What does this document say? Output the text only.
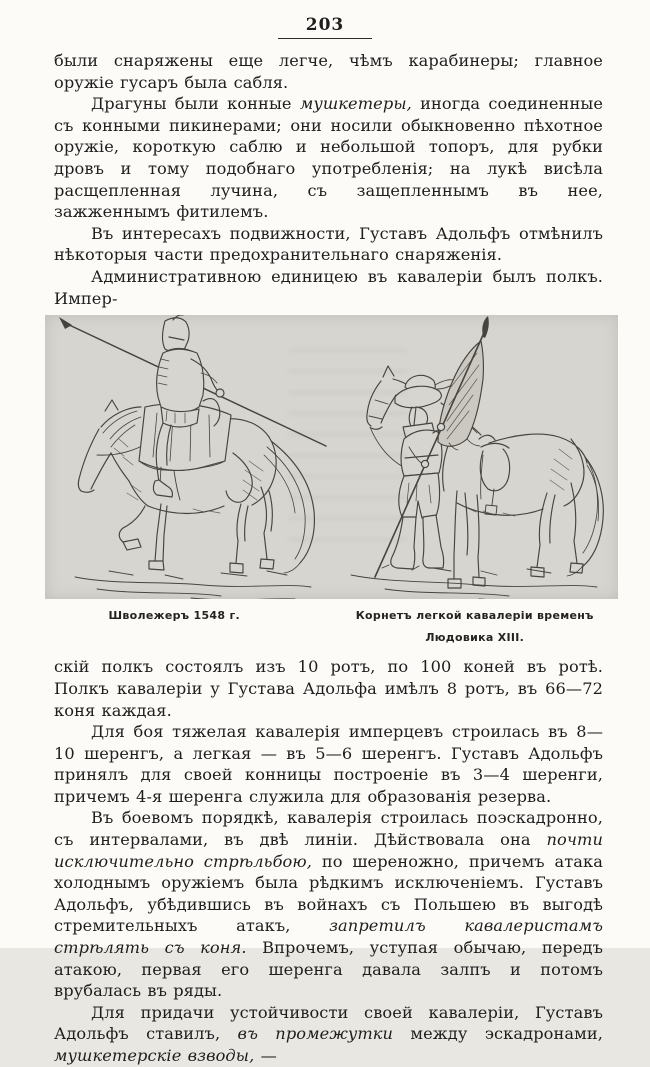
203

были снаряжены еще легче, чѣмъ карабинеры; главное оружіе гусаръ была сабля.

Драгуны были конные мушкетеры, иногда соединенные съ конными пикинерами; они носили обыкновенно пѣхотное оружіе, короткую саблю и небольшой топоръ, для рубки дровъ и тому подобнаго употребленія; на лукѣ висѣла расщепленная лучина, съ защепленнымъ въ нее, зажженнымъ фитилемъ.

Въ интересахъ подвижности, Густавъ Адольфъ отмѣнилъ нѣкоторыя части предохранительнаго снаряженія.

Административною единицею въ кавалеріи былъ полкъ. Импер-

Шволежеръ 1548 г.	Корнетъ легкой кавалеріи временъ Людовика XIII.

скій полкъ состоялъ изъ 10 ротъ, по 100 коней въ ротѣ. Полкъ кавалеріи у Густава Адольфа имѣлъ 8 ротъ, въ 66—72 коня каждая.

Для боя тяжелая кавалерія имперцевъ строилась въ 8—10 шеренгъ, а легкая — въ 5—6 шеренгъ. Густавъ Адольфъ принялъ для своей конницы построеніе въ 3—4 шеренги, причемъ 4-я шеренга служила для образованія резерва.

Въ боевомъ порядкѣ, кавалерія строилась поэскадронно, съ интервалами, въ двѣ линіи. Дѣйствовала она почти исключительно стрѣльбою, по шереножно, причемъ атака холоднымъ оружіемъ была рѣдкимъ исключеніемъ. Густавъ Адольфъ, убѣдившись въ войнахъ съ Польшею въ выгодѣ стремительныхъ атакъ, запретилъ кавалеристамъ стрѣлять съ коня. Впрочемъ, уступая обычаю, передъ атакою, первая его шеренга давала залпъ и потомъ врубалась въ ряды.

Для придачи устойчивости своей кавалеріи, Густавъ Адольфъ ставилъ, въ промежутки между эскадронами, мушкетерскіе взводы, —
